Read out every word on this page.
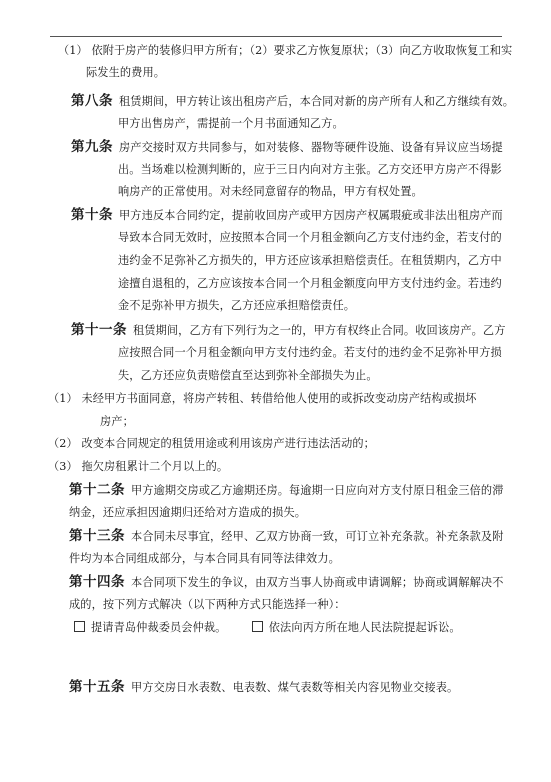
（1） 依附于房产的装修归甲方所有；（2）要求乙方恢复原状；（3）向乙方收取恢复工和实
际发生的费用。
第八条 租赁期间，甲方转让该出租房产后，本合同对新的房产所有人和乙方继续有效。
甲方出售房产，需提前一个月书面通知乙方。
第九条 房产交接时双方共同参与，如对装修、器物等硬件设施、设备有异议应当场提
出。当场难以检测判断的，应于三日内向对方主张。乙方交还甲方房产不得影
响房产的正常使用。对未经同意留存的物品，甲方有权处置。
第十条 甲方违反本合同约定，提前收回房产或甲方因房产权属瑕疵或非法出租房产而
导致本合同无效时，应按照本合同一个月租金额向乙方支付违约金，若支付的
违约金不足弥补乙方损失的，甲方还应该承担赔偿责任。在租赁期内，乙方中
途擅自退租的，乙方应该按本合同一个月租金额度向甲方支付违约金。若违约
金不足弥补甲方损失，乙方还应承担赔偿责任。
第十一条 租赁期间，乙方有下列行为之一的，甲方有权终止合同。收回该房产。乙方
应按照合同一个月租金额向甲方支付违约金。若支付的违约金不足弥补甲方损
失，乙方还应负责赔偿直至达到弥补全部损失为止。
（1） 未经甲方书面同意，将房产转租、转借给他人使用的或拆改变动房产结构或损坏
房产；
（2） 改变本合同规定的租赁用途或利用该房产进行违法活动的；
（3） 拖欠房租累计二个月以上的。
第十二条 甲方逾期交房或乙方逾期还房。每逾期一日应向对方支付原日租金三倍的滞
纳金，还应承担因逾期归还给对方造成的损失。
第十三条 本合同未尽事宜，经甲、乙双方协商一致，可订立补充条款。补充条款及附
件均为本合同组成部分，与本合同具有同等法律效力。
第十四条 本合同项下发生的争议，由双方当事人协商或申请调解；协商或调解解决不
成的，按下列方式解决（以下两种方式只能选择一种）：
提请青岛仲裁委员会仲裁。	依法向丙方所在地人民法院提起诉讼。
第十五条 甲方交房日水表数、电表数、煤气表数等相关内容见物业交接表。
